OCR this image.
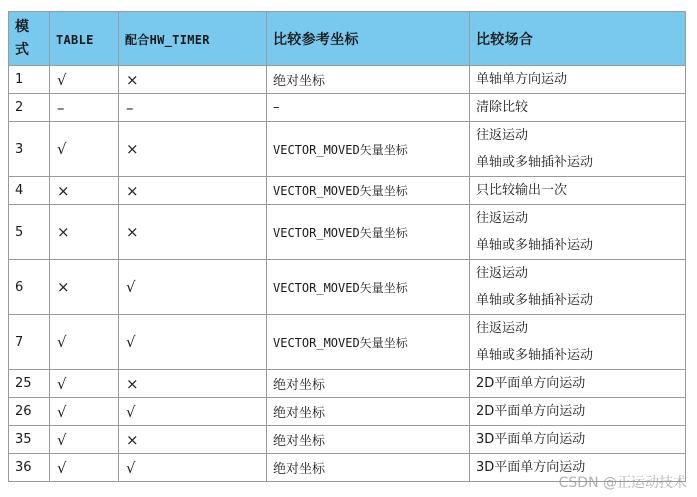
模式	TABLE	配合HW_TIMER	比较参考坐标	比较场合

1	√	×	绝对坐标	单轴单方向运动

2	–	–	–	清除比较

3	√	×	VECTOR_MOVED矢量坐标	往返运动
单轴或多轴插补运动

4	×	×	VECTOR_MOVED矢量坐标	只比较输出一次

5	×	×	VECTOR_MOVED矢量坐标	往返运动
单轴或多轴插补运动

6	×	√	VECTOR_MOVED矢量坐标	往返运动
单轴或多轴插补运动

7	√	√	VECTOR_MOVED矢量坐标	往返运动
单轴或多轴插补运动

25	√	×	绝对坐标	2D平面单方向运动

26	√	√	绝对坐标	2D平面单方向运动

35	√	×	绝对坐标	3D平面单方向运动

36	√	√	绝对坐标	3D平面单方向运动
CSDN @正运动技术
